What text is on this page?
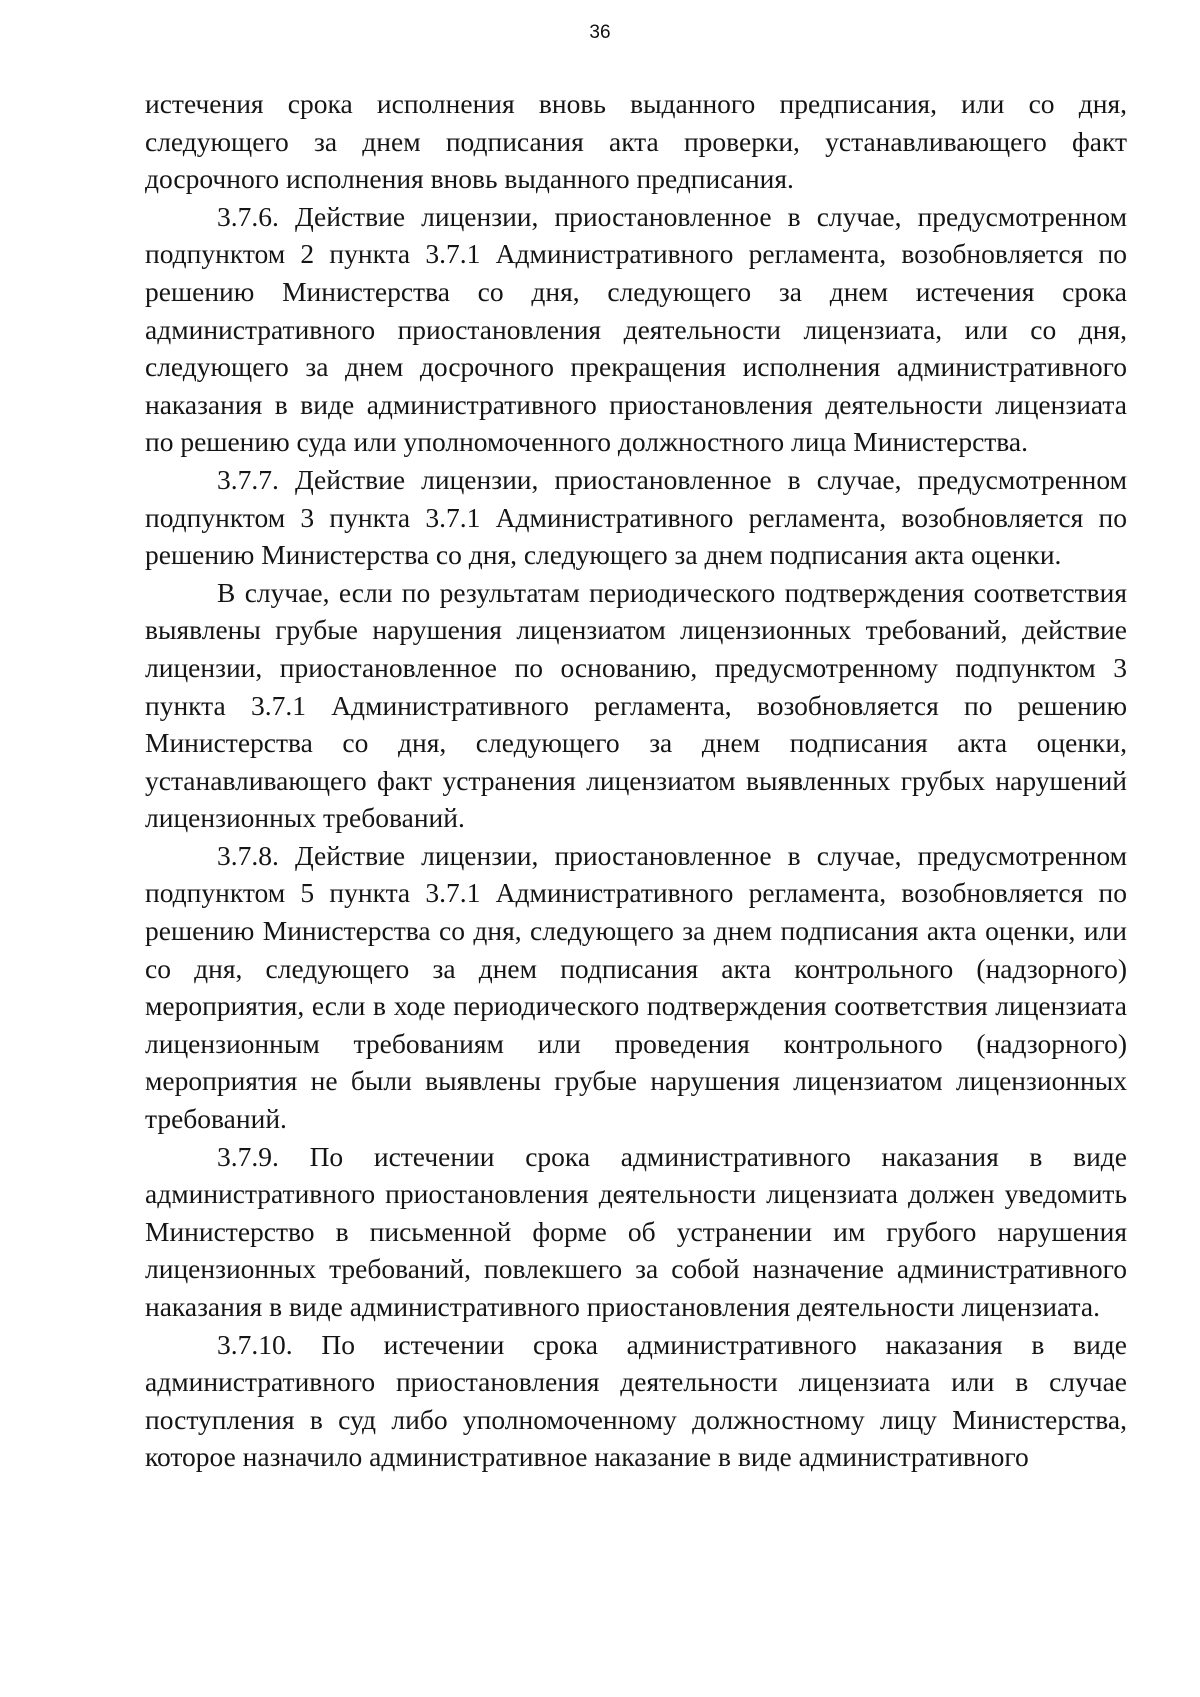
36

истечения срока исполнения вновь выданного предписания, или со дня, следующего за днем подписания акта проверки, устанавливающего факт досрочного исполнения вновь выданного предписания.

3.7.6. Действие лицензии, приостановленное в случае, предусмотренном подпунктом 2 пункта 3.7.1 Административного регламента, возобновляется по решению Министерства со дня, следующего за днем истечения срока административного приостановления деятельности лицензиата, или со дня, следующего за днем досрочного прекращения исполнения административного наказания в виде административного приостановления деятельности лицензиата по решению суда или уполномоченного должностного лица Министерства.

3.7.7. Действие лицензии, приостановленное в случае, предусмотренном подпунктом 3 пункта 3.7.1 Административного регламента, возобновляется по решению Министерства со дня, следующего за днем подписания акта оценки.

В случае, если по результатам периодического подтверждения соответствия выявлены грубые нарушения лицензиатом лицензионных требований, действие лицензии, приостановленное по основанию, предусмотренному подпунктом 3 пункта 3.7.1 Административного регламента, возобновляется по решению Министерства со дня, следующего за днем подписания акта оценки, устанавливающего факт устранения лицензиатом выявленных грубых нарушений лицензионных требований.

3.7.8. Действие лицензии, приостановленное в случае, предусмотренном подпунктом 5 пункта 3.7.1 Административного регламента, возобновляется по решению Министерства со дня, следующего за днем подписания акта оценки, или со дня, следующего за днем подписания акта контрольного (надзорного) мероприятия, если в ходе периодического подтверждения соответствия лицензиата лицензионным требованиям или проведения контрольного (надзорного) мероприятия не были выявлены грубые нарушения лицензиатом лицензионных требований.

3.7.9. По истечении срока административного наказания в виде административного приостановления деятельности лицензиата должен уведомить Министерство в письменной форме об устранении им грубого нарушения лицензионных требований, повлекшего за собой назначение административного наказания в виде административного приостановления деятельности лицензиата.

3.7.10. По истечении срока административного наказания в виде административного приостановления деятельности лицензиата или в случае поступления в суд либо уполномоченному должностному лицу Министерства, которое назначило административное наказание в виде административного
